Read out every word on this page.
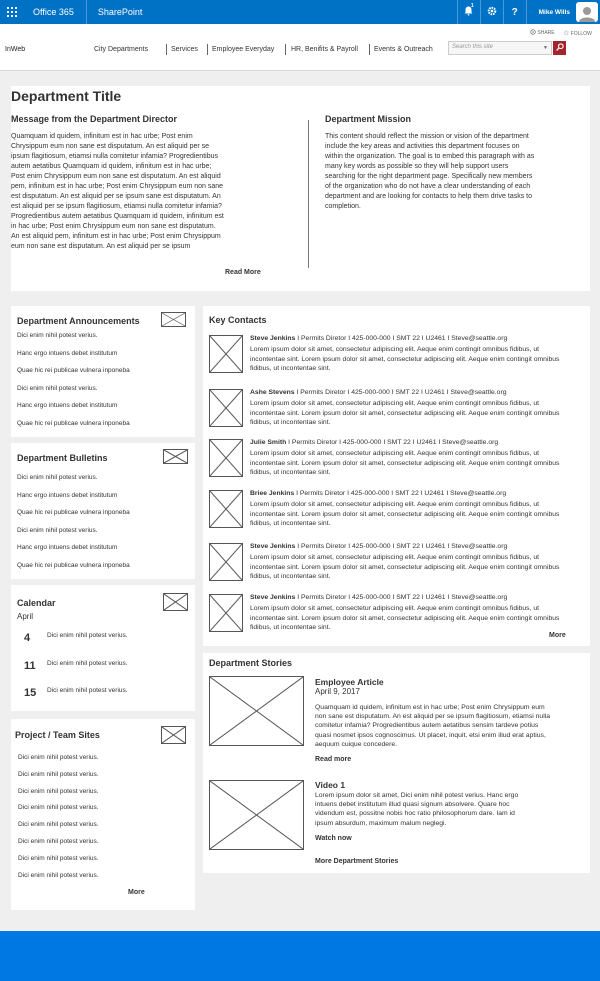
Office 365	SharePoint
1
?	Mike Wills
SHARE ☆ FOLLOW
InWeb	City Departments	Services Employee Everyday HR, Benifits & Payroll Events & Outreach	Search this site	▼
Department Title
Message from the Department Director
Quamquam id quidem, infinitum est in hac urbe; Post enim
Chrysippum eum non sane est disputatum. An est aliquid per se
ipsum flagitiosum, etiamsi nulla comitetur infamia? Progredientibus
autem aetatibus Quamquam id quidem, infinitum est in hac urbe;
Post enim Chrysippum eum non sane est disputatum. An est aliquid
pem, infinitum est in hac urbe; Post enim Chrysippum eum non sane
est disputatum. An est aliquid per se ipsum sane est disputatum. An
est aliquid per se ipsum flagitiosum, etiamsi nulla comitetur infamia?
Progredientibus autem aetatibus Quamquam id quidem, infinitum est
in hac urbe; Post enim Chrysippum eum non sane est disputatum.
An est aliquid pem, infinitum est in hac urbe; Post enim Chrysippum
eum non sane est disputatum. An est aliquid per se ipsum
Read More
Department Mission
This content should reflect the mission or vision of the department
include the key areas and activities this department focuses on
within the organization. The goal is to embed this paragraph with as
many key words as possible so they will help support users
searching for the right department page. Specifically new members
of the organization who do not have a clear understanding of each
department and are looking for contacts to help them drive tasks to
completion.
Department Announcements
Dici enim nihil potest verius.
Hanc ergo intuens debet institutum
Quae hic rei publicae vulnera inponeba
Dici enim nihil potest verius.
Hanc ergo intuens debet institutum
Quae hic rei publicae vulnera inponeba
Department Bulletins
Dici enim nihil potest verius.
Hanc ergo intuens debet institutum
Quae hic rei publicae vulnera inponeba
Dici enim nihil potest verius.
Hanc ergo intuens debet institutum
Quae hic rei publicae vulnera inponeba
Calendar
April
4	Dici enim nihil potest verius.
11 Dici enim nihil potest verius.
15 Dici enim nihil potest verius.
Project / Team Sites
Dici enim nihil potest verius.
Dici enim nihil potest verius.
Dici enim nihil potest verius.
Dici enim nihil potest verius.
Dici enim nihil potest verius.
Dici enim nihil potest verius.
Dici enim nihil potest verius.
Dici enim nihil potest verius.
More
Key Contacts
Steve Jenkins I Permits Diretor I 425-000-000 I SMT 22 I U2461 I Steve@seattle.org
Lorem ipsum dolor sit amet, consectetur adipiscing elit. Aeque enim contingit omnibus fidibus, ut incontentae sint. Lorem ipsum dolor sit amet, consectetur adipiscing elit. Aeque enim contingit omnibus fidibus, ut incontentae sint.
Ashe Stevens I Permits Diretor I 425-000-000 I SMT 22 I U2461 I Steve@seattle.org
Lorem ipsum dolor sit amet, consectetur adipiscing elit. Aeque enim contingit omnibus fidibus, ut incontentae sint. Lorem ipsum dolor sit amet, consectetur adipiscing elit. Aeque enim contingit omnibus fidibus, ut incontentae sint.
Julie Smith I Permits Diretor I 425-000-000 I SMT 22 I U2461 I Steve@seattle.org
Lorem ipsum dolor sit amet, consectetur adipiscing elit. Aeque enim contingit omnibus fidibus, ut incontentae sint. Lorem ipsum dolor sit amet, consectetur adipiscing elit. Aeque enim contingit omnibus fidibus, ut incontentae sint.
Briee Jenkins I Permits Diretor I 425-000-000 I SMT 22 I U2461 I Steve@seattle.org
Lorem ipsum dolor sit amet, consectetur adipiscing elit. Aeque enim contingit omnibus fidibus, ut incontentae sint. Lorem ipsum dolor sit amet, consectetur adipiscing elit. Aeque enim contingit omnibus fidibus, ut incontentae sint.
Steve Jenkins I Permits Diretor I 425-000-000 I SMT 22 I U2461 I Steve@seattle.org
Lorem ipsum dolor sit amet, consectetur adipiscing elit. Aeque enim contingit omnibus fidibus, ut incontentae sint. Lorem ipsum dolor sit amet, consectetur adipiscing elit. Aeque enim contingit omnibus fidibus, ut incontentae sint.
Steve Jenkins I Permits Diretor I 425-000-000 I SMT 22 I U2461 I Steve@seattle.org
Lorem ipsum dolor sit amet, consectetur adipiscing elit. Aeque enim contingit omnibus fidibus, ut incontentae sint. Lorem ipsum dolor sit amet, consectetur adipiscing elit. Aeque enim contingit omnibus fidibus, ut incontentae sint.
More
Department Stories
Employee Article
April 9, 2017
Quamquam id quidem, infinitum est in hac urbe; Post enim Chrysippum eum
non sane est disputatum. An est aliquid per se ipsum flagitiosum, etiamsi nulla
comitetur infamia? Progredientibus autem aetatibus sensim tardeve potius
quasi nosmet ipsos cognoscimus. Ut placet, inquit, etsi enim illud erat aptius,
aequum cuique concedere.
Read more
Video 1
Lorem ipsum dolor sit amet, Dici enim nihil potest verius. Hanc ergo
intuens debet institutum illud quasi signum absolvere. Quare hoc
videndum est, possitne nobis hoc ratio philosophorum dare. Iam id
ipsum absurdum, maximum malum neglegi.
Watch now
More Department Stories
